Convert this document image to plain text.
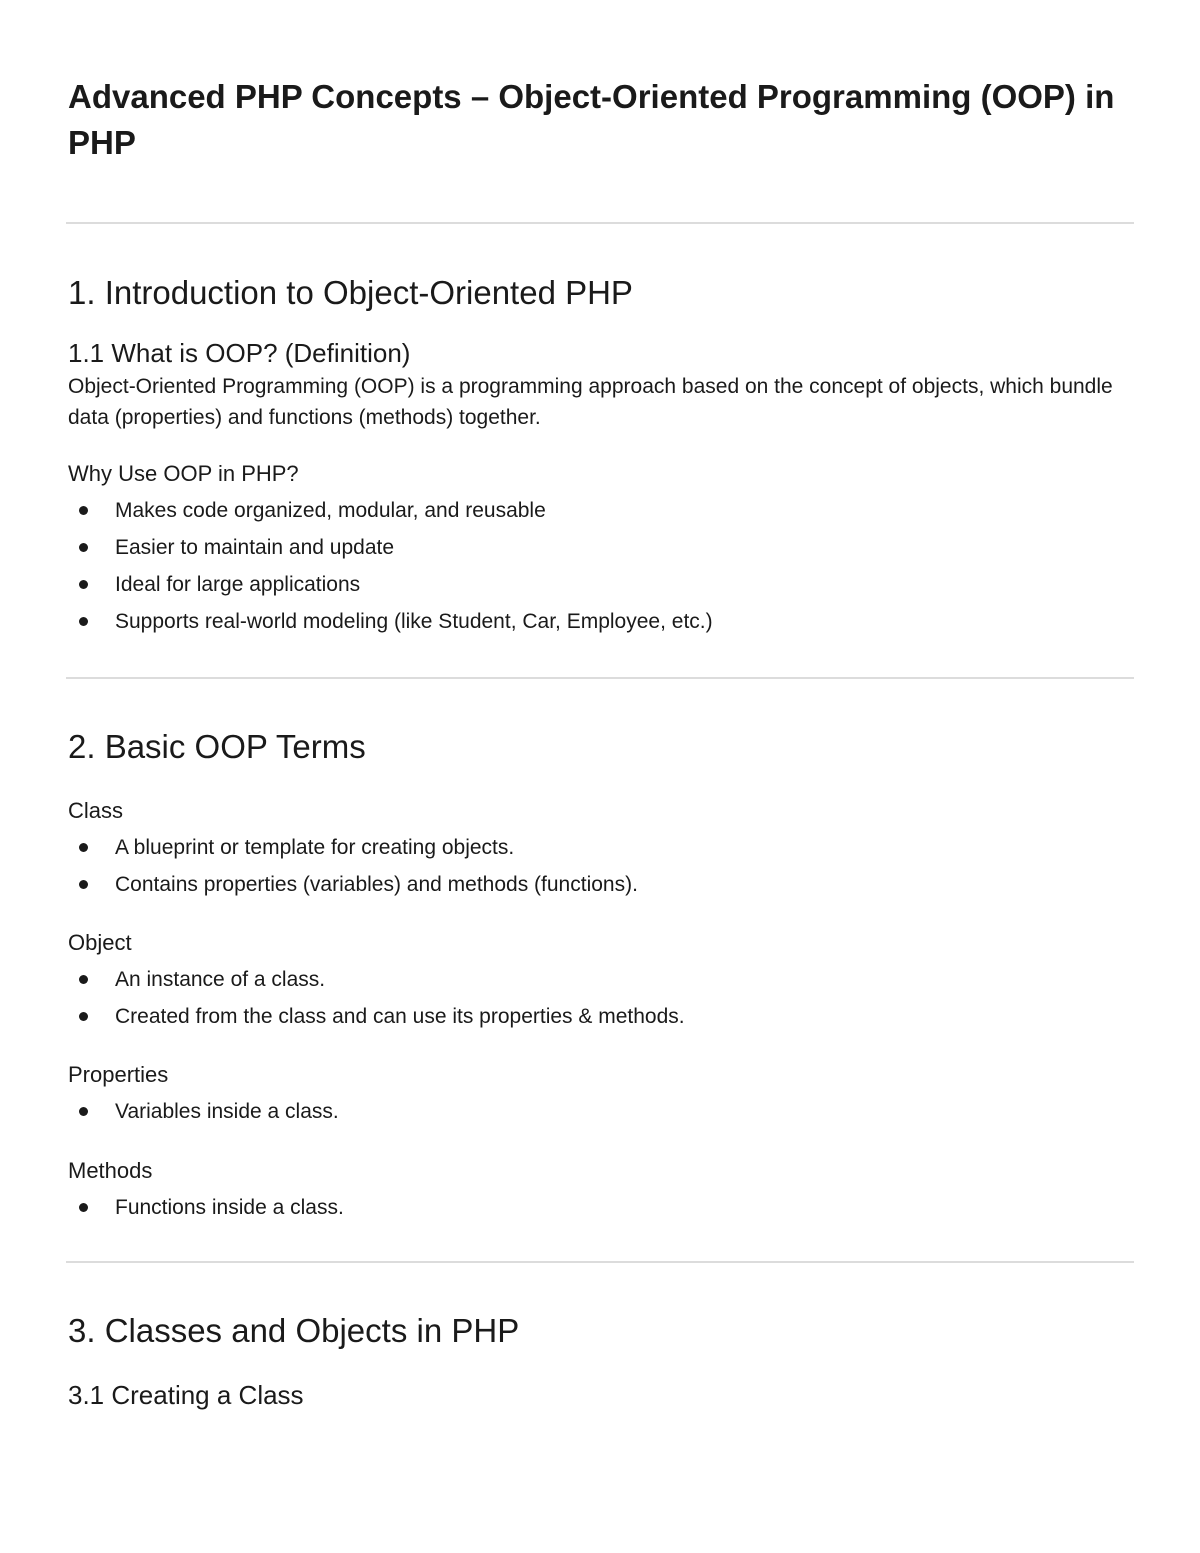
Advanced PHP Concepts – Object-Oriented Programming (OOP) in PHP
1. Introduction to Object-Oriented PHP
1.1 What is OOP? (Definition)

Object-Oriented Programming (OOP) is a programming approach based on the concept of objects, which bundle data (properties) and functions (methods) together.

Why Use OOP in PHP?
Makes code organized, modular, and reusable
Easier to maintain and update
Ideal for large applications
Supports real-world modeling (like Student, Car, Employee, etc.)
2. Basic OOP Terms
Class
A blueprint or template for creating objects.
Contains properties (variables) and methods (functions).
Object
An instance of a class.
Created from the class and can use its properties & methods.
Properties
Variables inside a class.
Methods
Functions inside a class.
3. Classes and Objects in PHP
3.1 Creating a Class
